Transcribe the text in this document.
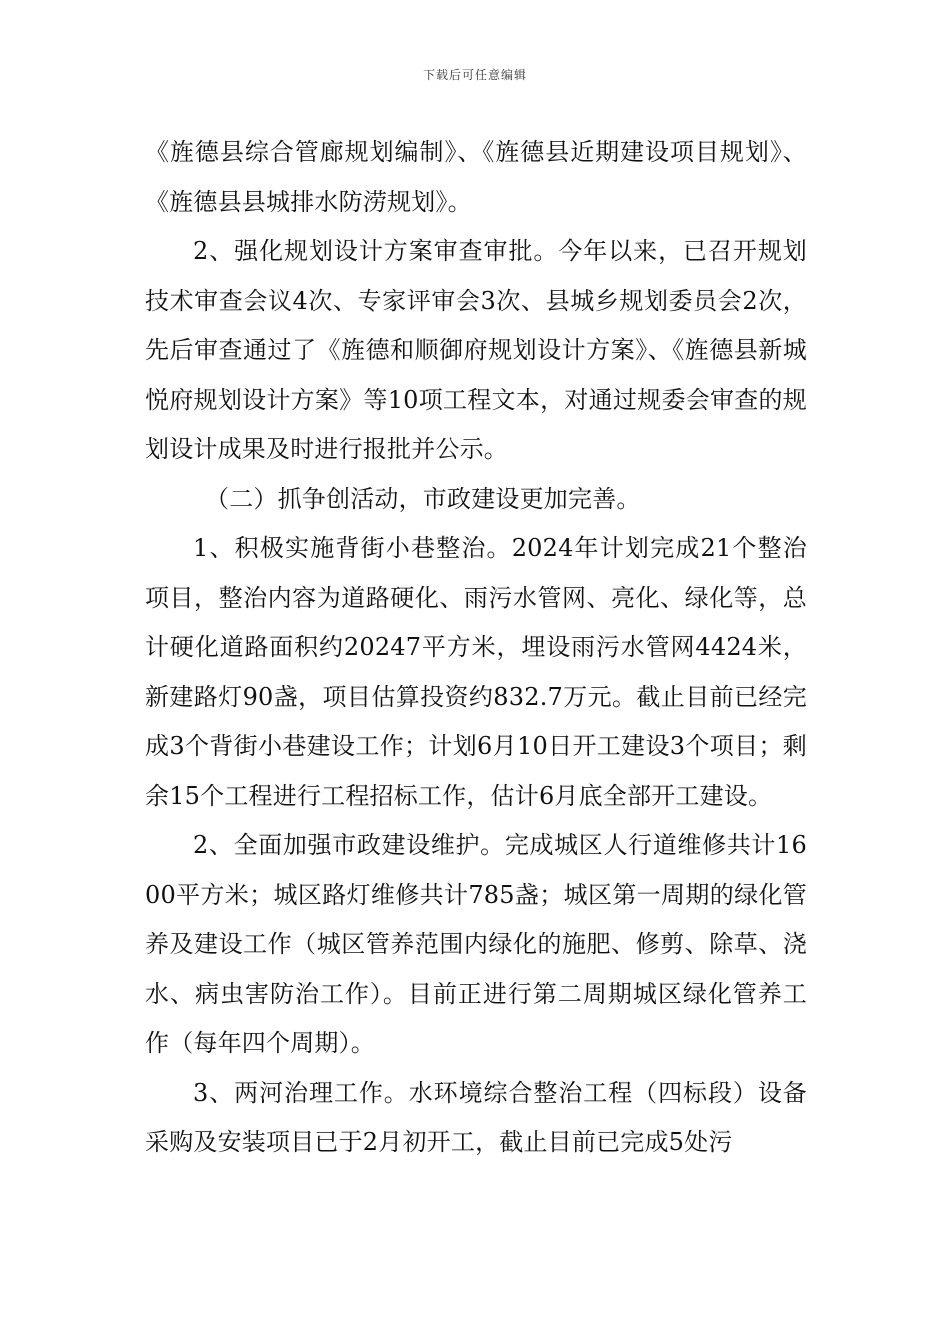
下载后可任意编辑

《旌德县综合管廊规划编制》、《旌德县近期建设项目规划》、《旌德县县城排水防涝规划》。

2、强化规划设计方案审查审批。今年以来，已召开规划技术审查会议4次、专家评审会3次、县城乡规划委员会2次，先后审查通过了《旌德和顺御府规划设计方案》、《旌德县新城悦府规划设计方案》等10项工程文本，对通过规委会审查的规划设计成果及时进行报批并公示。

（二）抓争创活动，市政建设更加完善。

1、积极实施背街小巷整治。2024年计划完成21个整治项目，整治内容为道路硬化、雨污水管网、亮化、绿化等，总计硬化道路面积约20247平方米，埋设雨污水管网4424米，新建路灯90盏，项目估算投资约832.7万元。截止目前已经完成3个背街小巷建设工作；计划6月10日开工建设3个项目；剩余15个工程进行工程招标工作，估计6月底全部开工建设。

2、全面加强市政建设维护。完成城区人行道维修共计1600平方米；城区路灯维修共计785盏；城区第一周期的绿化管养及建设工作（城区管养范围内绿化的施肥、修剪、除草、浇水、病虫害防治工作）。目前正进行第二周期城区绿化管养工作（每年四个周期）。

3、两河治理工作。水环境综合整治工程（四标段）设备采购及安装项目已于2月初开工，截止目前已完成5处污
